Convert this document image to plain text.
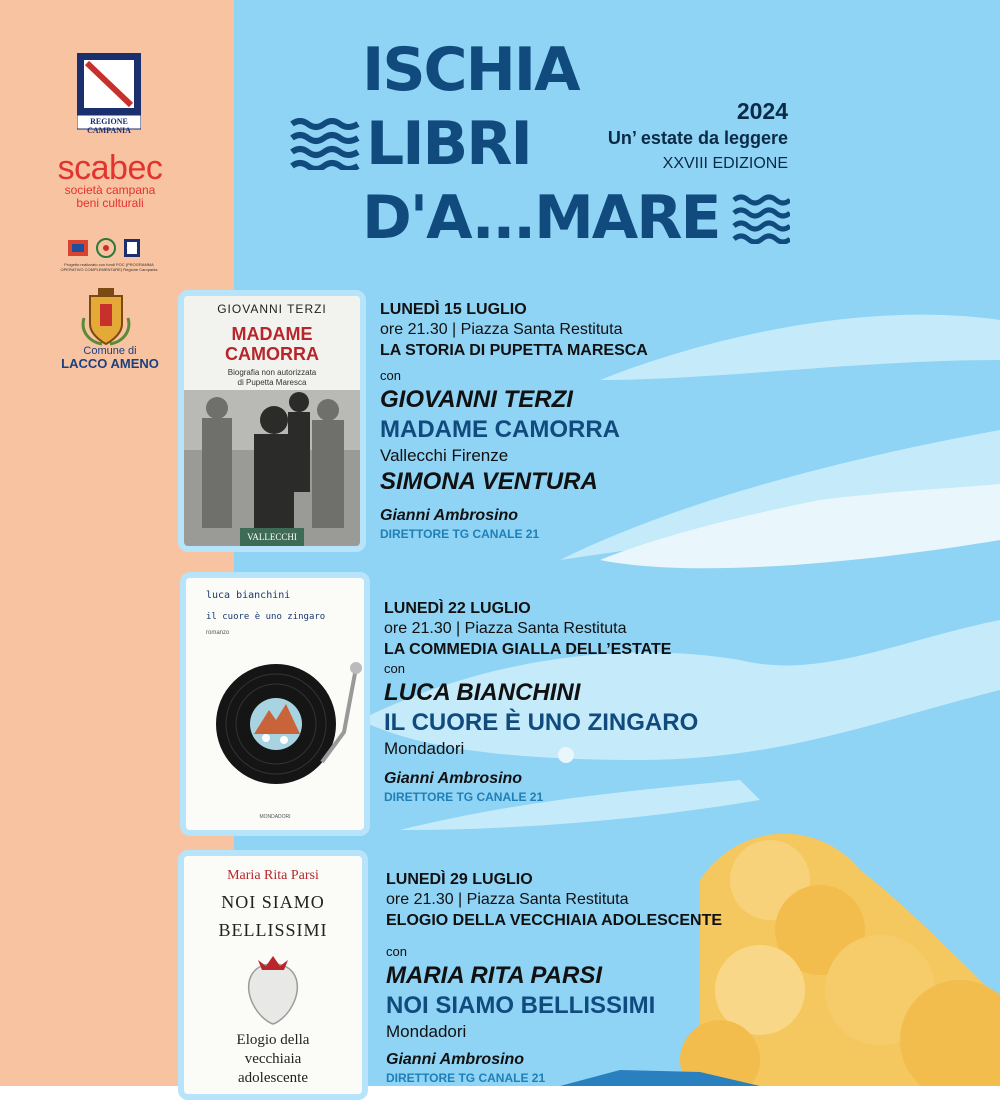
REGIONE CAMPANIA
scabec
società campana
beni culturali
Progetto realizzato con fondi POC (PROGRAMMA OPERATIVO COMPLEMENTARE) Regione Campania
Comune di
LACCO AMENO
ISCHIA
LIBRI
D'A...MARE
2024
Un’ estate da leggere
XXVIII EDIZIONE
GIOVANNI TERZI
MADAME
CAMORRA
Biografia non autorizzata
di Pupetta Maresca
VALLECCHI
LUNEDÌ 15 LUGLIO
ore 21.30 | Piazza Santa Restituta
LA STORIA DI PUPETTA MARESCA
con
GIOVANNI TERZI
MADAME CAMORRA
Vallecchi Firenze
SIMONA VENTURA
Gianni Ambrosino
DIRETTORE TG CANALE 21
luca bianchini
il cuore è uno zingaro
romanzo
MONDADORI
LUNEDÌ 22 LUGLIO
ore 21.30 | Piazza Santa Restituta
LA COMMEDIA GIALLA DELL’ESTATE
con
LUCA BIANCHINI
IL CUORE È UNO ZINGARO
Mondadori
Gianni Ambrosino
DIRETTORE TG CANALE 21
Maria Rita Parsi
NOI SIAMO
BELLISSIMI
Elogio della
vecchiaia
adolescente
LUNEDÌ 29 LUGLIO
ore 21.30 | Piazza Santa Restituta
ELOGIO DELLA VECCHIAIA ADOLESCENTE
con
MARIA RITA PARSI
NOI SIAMO BELLISSIMI
Mondadori
Gianni Ambrosino
DIRETTORE TG CANALE 21
